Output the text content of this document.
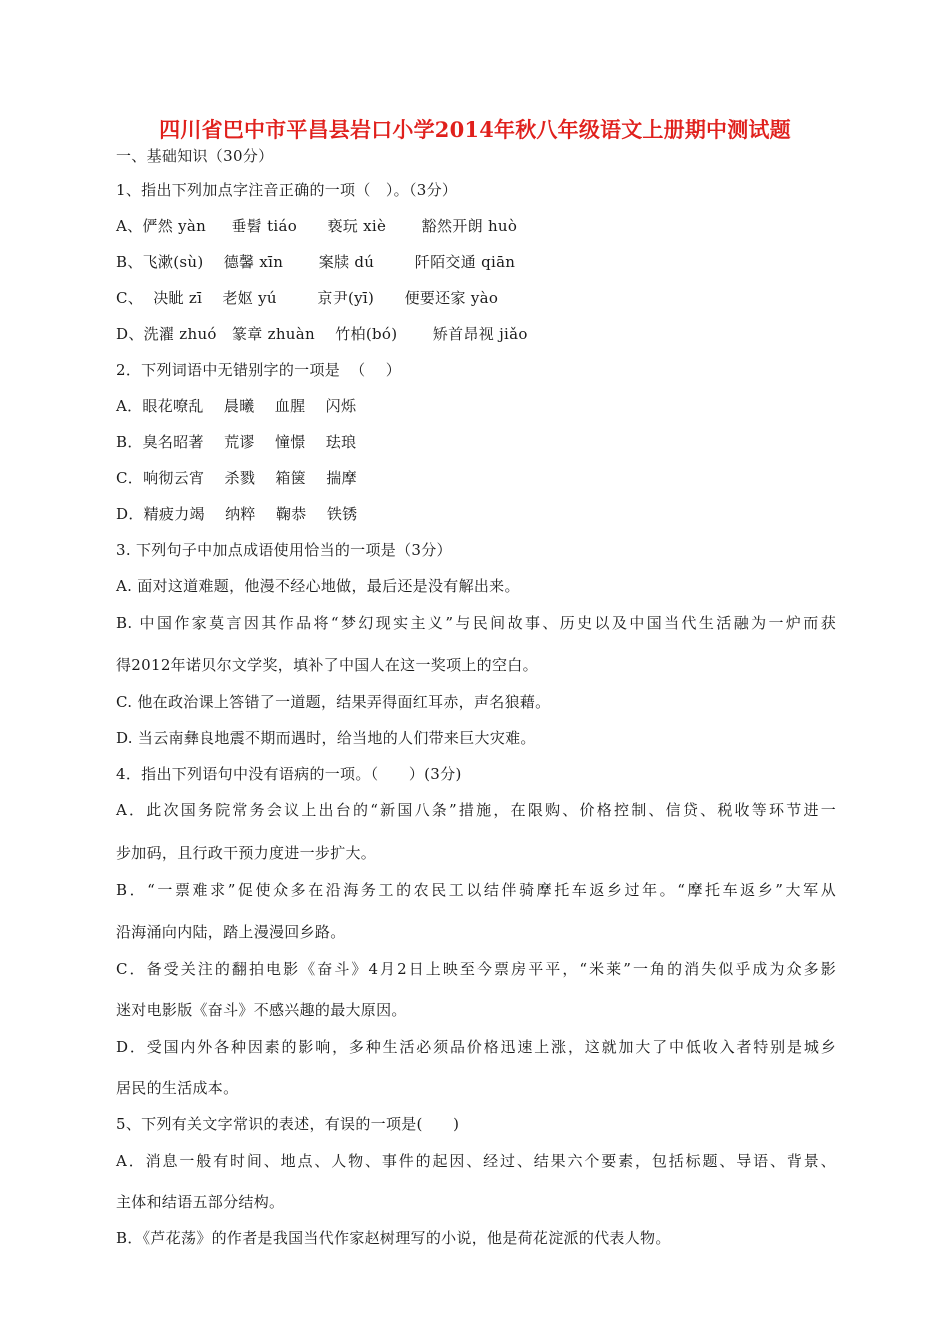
四川省巴中市平昌县岩口小学2014年秋八年级语文上册期中测试题
一、基础知识（30分）
1、指出下列加点字注音正确的一项（   ）。（3分）
A、俨然 yàn     垂髫 tiáo      亵玩 xiè       豁然开朗 huò
B、飞漱(sù)    德馨 xīn       案牍 dú        阡陌交通 qiān
C、  决眦 zī    老妪 yú        京尹(yī)      便要还家 yào
D、洗濯 zhuó   篆章 zhuàn    竹柏(bó)       矫首昂视 jiǎo
2．下列词语中无错别字的一项是  （    ）
A．眼花嘹乱    晨曦    血腥    闪烁
B．臭名昭著    荒谬    憧憬    珐琅
C．响彻云宵    杀戮    箱箧    揣摩
D．精疲力竭    纳粹    鞠恭    铁锈
3. 下列句子中加点成语使用恰当的一项是（3分）
A. 面对这道难题，他漫不经心地做，最后还是没有解出来。
B. 中国作家莫言因其作品将“梦幻现实主义”与民间故事、历史以及中国当代生活融为一炉而获
得2012年诺贝尔文学奖，填补了中国人在这一奖项上的空白。
C. 他在政治课上答错了一道题，结果弄得面红耳赤，声名狼藉。
D. 当云南彝良地震不期而遇时，给当地的人们带来巨大灾难。
4．指出下列语句中没有语病的一项。（      ）(3分)
A．此次国务院常务会议上出台的“新国八条”措施，在限购、价格控制、信贷、税收等环节进一
步加码，且行政干预力度进一步扩大。
B．“一票难求”促使众多在沿海务工的农民工以结伴骑摩托车返乡过年。“摩托车返乡”大军从
沿海涌向内陆，踏上漫漫回乡路。
C．备受关注的翻拍电影《奋斗》4月2日上映至今票房平平，“米莱”一角的消失似乎成为众多影
迷对电影版《奋斗》不感兴趣的最大原因。
D．受国内外各种因素的影响，多种生活必须品价格迅速上涨，这就加大了中低收入者特别是城乡
居民的生活成本。
5、下列有关文字常识的表述，有误的一项是(      )
A．消息一般有时间、地点、人物、事件的起因、经过、结果六个要素，包括标题、导语、背景、
主体和结语五部分结构。
B．《芦花荡》的作者是我国当代作家赵树理写的小说，他是荷花淀派的代表人物。
